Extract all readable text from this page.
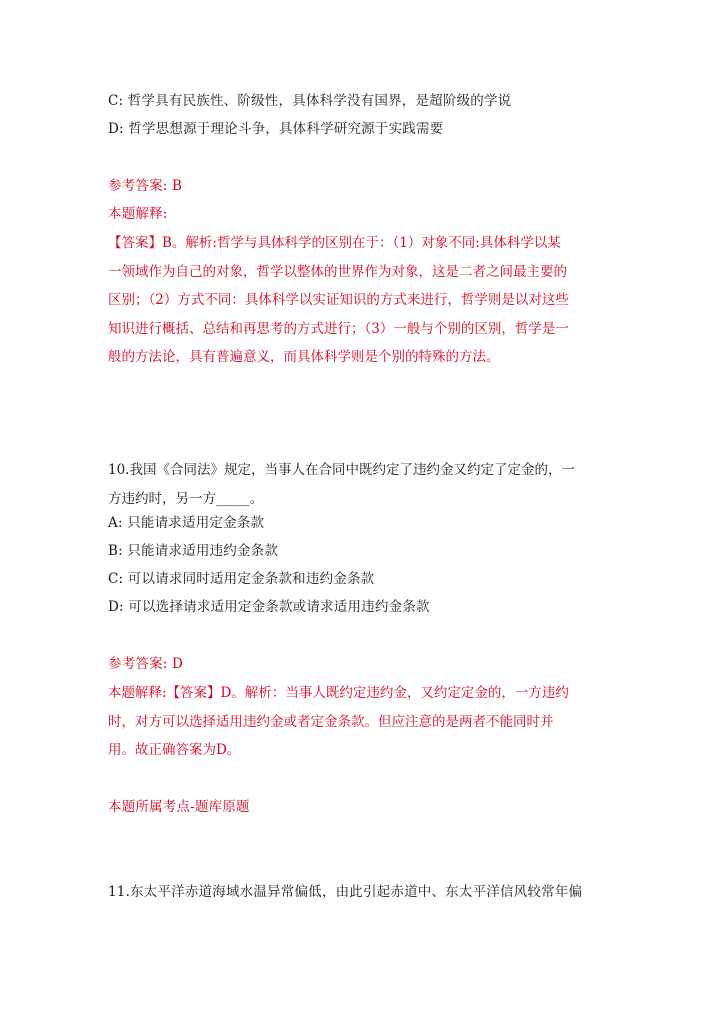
C: 哲学具有民族性、阶级性，具体科学没有国界，是超阶级的学说
D: 哲学思想源于理论斗争，具体科学研究源于实践需要
参考答案: B
本题解释:
【答案】B。解析:哲学与具体科学的区别在于：（1）对象不同:具体科学以某
一领域作为自己的对象，哲学以整体的世界作为对象，这是二者之间最主要的
区别；（2）方式不同：具体科学以实证知识的方式来进行，哲学则是以对这些
知识进行概括、总结和再思考的方式进行；（3）一般与个别的区别，哲学是一
般的方法论，具有普遍意义，而具体科学则是个别的特殊的方法。
10.我国《合同法》规定，当事人在合同中既约定了违约金又约定了定金的，一
方违约时，另一方_____。
A: 只能请求适用定金条款
B: 只能请求适用违约金条款
C: 可以请求同时适用定金条款和违约金条款
D: 可以选择请求适用定金条款或请求适用违约金条款
参考答案: D
本题解释:【答案】D。解析：当事人既约定违约金，又约定定金的，一方违约
时，对方可以选择适用违约金或者定金条款。但应注意的是两者不能同时并
用。故正确答案为D。
本题所属考点-题库原题
11.东太平洋赤道海域水温异常偏低，由此引起赤道中、东太平洋信风较常年偏
